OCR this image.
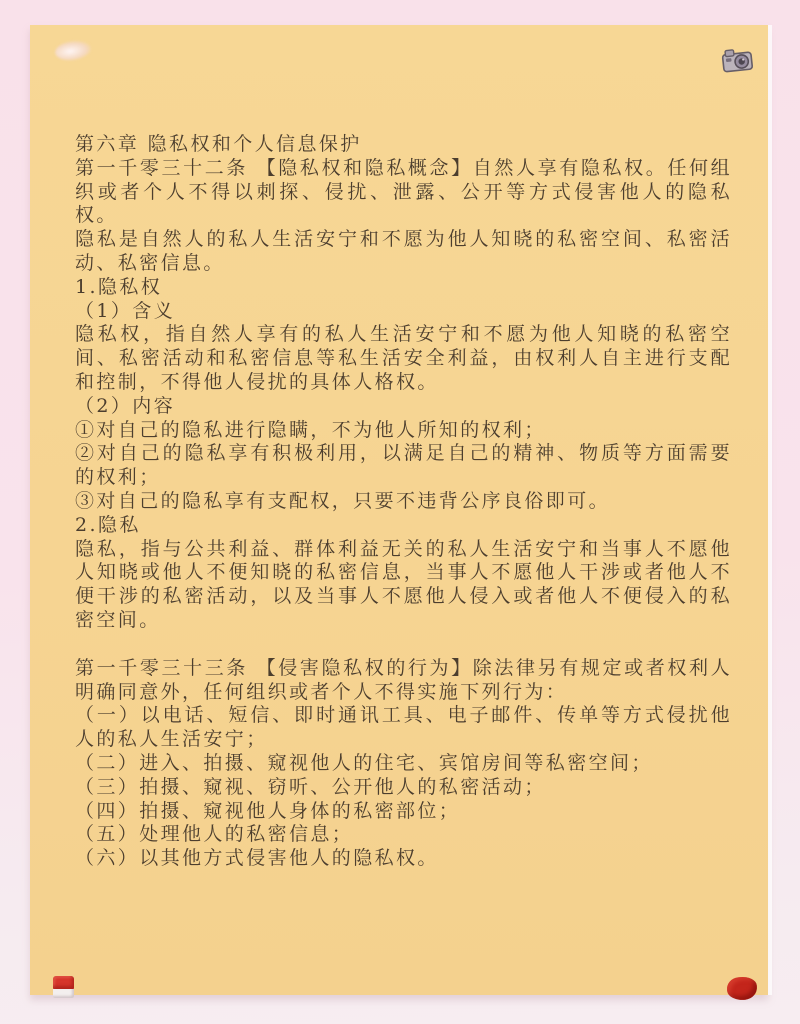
第六章 隐私权和个人信息保护

第一千零三十二条 【隐私权和隐私概念】自然人享有隐私权。任何组织或者个人不得以刺探、侵扰、泄露、公开等方式侵害他人的隐私权。

隐私是自然人的私人生活安宁和不愿为他人知晓的私密空间、私密活动、私密信息。

1.隐私权

（1）含义

隐私权，指自然人享有的私人生活安宁和不愿为他人知晓的私密空间、私密活动和私密信息等私生活安全利益，由权利人自主进行支配和控制，不得他人侵扰的具体人格权。

（2）内容

①对自己的隐私进行隐瞒，不为他人所知的权利；

②对自己的隐私享有积极利用，以满足自己的精神、物质等方面需要的权利；

③对自己的隐私享有支配权，只要不违背公序良俗即可。

2.隐私

隐私，指与公共利益、群体利益无关的私人生活安宁和当事人不愿他人知晓或他人不便知晓的私密信息，当事人不愿他人干涉或者他人不便干涉的私密活动，以及当事人不愿他人侵入或者他人不便侵入的私密空间。

第一千零三十三条 【侵害隐私权的行为】除法律另有规定或者权利人明确同意外，任何组织或者个人不得实施下列行为：

（一）以电话、短信、即时通讯工具、电子邮件、传单等方式侵扰他人的私人生活安宁；

（二）进入、拍摄、窥视他人的住宅、宾馆房间等私密空间；

（三）拍摄、窥视、窃听、公开他人的私密活动；

（四）拍摄、窥视他人身体的私密部位；

（五）处理他人的私密信息；

（六）以其他方式侵害他人的隐私权。
